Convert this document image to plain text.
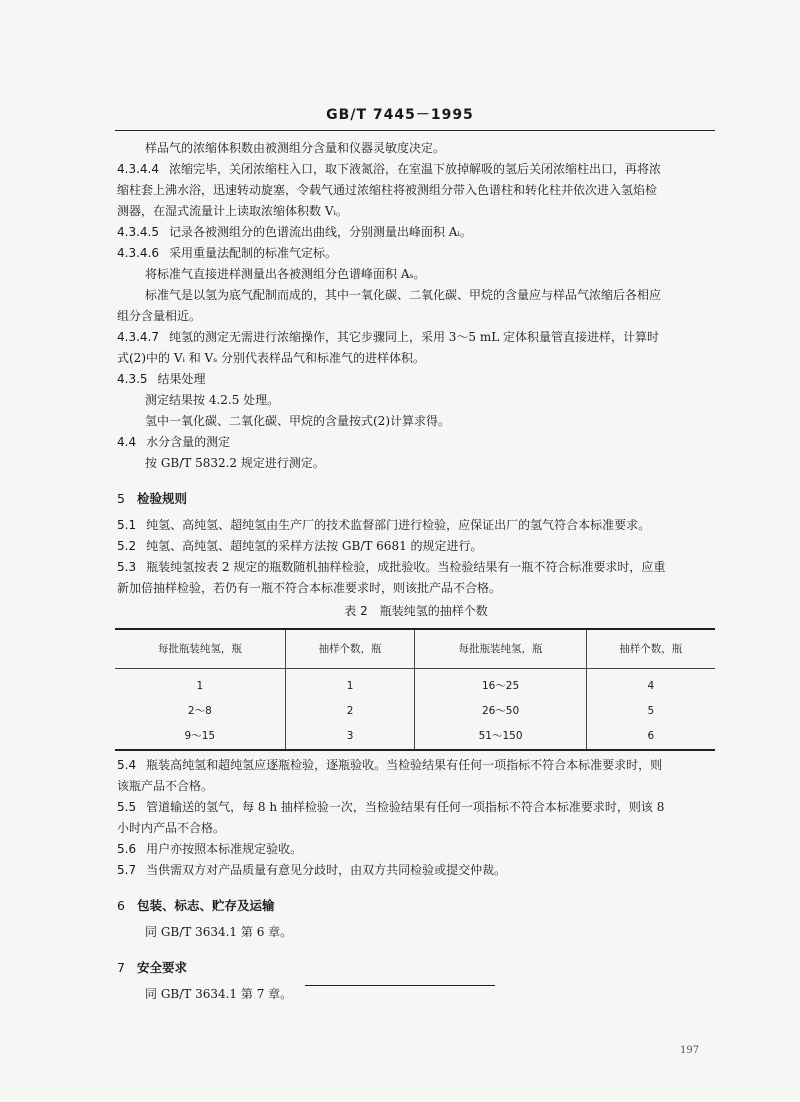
GB/T 7445－1995
样品气的浓缩体积数由被测组分含量和仪器灵敏度决定。
4.3.4.4 浓缩完毕，关闭浓缩柱入口，取下液氮浴，在室温下放掉解吸的氢后关闭浓缩柱出口，再将浓
缩柱套上沸水浴，迅速转动旋塞，令载气通过浓缩柱将被测组分带入色谱柱和转化柱并依次进入氢焰检
测器，在湿式流量计上读取浓缩体积数 Vᵢ。
4.3.4.5 记录各被测组分的色谱流出曲线，分别测量出峰面积 Aᵢ。
4.3.4.6 采用重量法配制的标准气定标。
将标准气直接进样测量出各被测组分色谱峰面积 Aₛ。
标准气是以氢为底气配制而成的，其中一氧化碳、二氧化碳、甲烷的含量应与样品气浓缩后各相应
组分含量相近。
4.3.4.7 纯氢的测定无需进行浓缩操作，其它步骤同上，采用 3～5 mL 定体积量管直接进样，计算时
式(2)中的 Vᵢ 和 Vₛ 分别代表样品气和标准气的进样体积。
4.3.5 结果处理
测定结果按 4.2.5 处理。
氢中一氧化碳、二氧化碳、甲烷的含量按式(2)计算求得。
4.4 水分含量的测定
按 GB/T 5832.2 规定进行测定。
5 检验规则
5.1 纯氢、高纯氢、超纯氢由生产厂的技术监督部门进行检验，应保证出厂的氢气符合本标准要求。
5.2 纯氢、高纯氢、超纯氢的采样方法按 GB/T 6681 的规定进行。
5.3 瓶装纯氢按表 2 规定的瓶数随机抽样检验，成批验收。当检验结果有一瓶不符合标准要求时，应重
新加倍抽样检验，若仍有一瓶不符合本标准要求时，则该批产品不合格。
表 2　瓶装纯氢的抽样个数
每批瓶装纯氢，瓶	抽样个数，瓶	每批瓶装纯氢，瓶	抽样个数，瓶
1	1	16～25	4
2～8	2	26～50	5
9～15	3	51～150	6
5.4 瓶装高纯氢和超纯氢应逐瓶检验，逐瓶验收。当检验结果有任何一项指标不符合本标准要求时，则
该瓶产品不合格。
5.5 管道输送的氢气，每 8 h 抽样检验一次，当检验结果有任何一项指标不符合本标准要求时，则该 8
小时内产品不合格。
5.6 用户亦按照本标准规定验收。
5.7 当供需双方对产品质量有意见分歧时，由双方共同检验或提交仲裁。
6 包装、标志、贮存及运输
同 GB/T 3634.1 第 6 章。
7 安全要求
同 GB/T 3634.1 第 7 章。
197
